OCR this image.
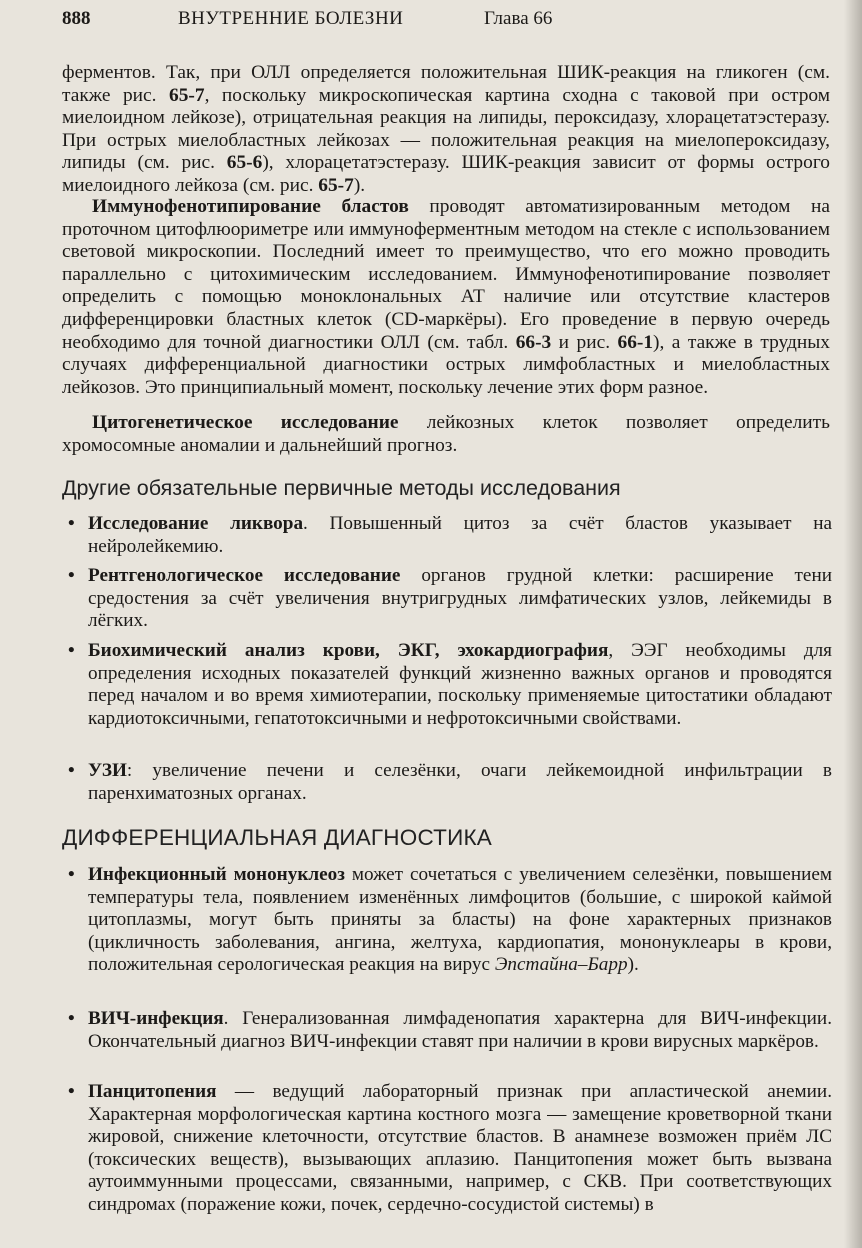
888	ВНУТРЕННИЕ БОЛЕЗНИ	Глава 66

ферментов. Так, при ОЛЛ определяется положительная ШИК-реакция на гликоген (см. также рис. 65-7, поскольку микроскопическая картина сходна с таковой при остром миелоидном лейкозе), отрицательная реакция на липиды, пероксидазу, хлорацетатэстеразу. При острых миелобластных лейкозах — положительная реакция на миелопероксидазу, липиды (см. рис. 65-6), хлорацетатэстеразу. ШИК-реакция зависит от формы острого миелоидного лейкоза (см. рис. 65-7).

Иммунофенотипирование бластов проводят автоматизированным методом на проточном цитофлюориметре или иммуноферментным методом на стекле с использованием световой микроскопии. Последний имеет то преимущество, что его можно проводить параллельно с цитохимическим исследованием. Иммунофенотипирование позволяет определить с помощью моноклональных АТ наличие или отсутствие кластеров дифференцировки бластных клеток (CD-маркёры). Его проведение в первую очередь необходимо для точной диагностики ОЛЛ (см. табл. 66-3 и рис. 66-1), а также в трудных случаях дифференциальной диагностики острых лимфобластных и миелобластных лейкозов. Это принципиальный момент, поскольку лечение этих форм разное.

Цитогенетическое исследование лейкозных клеток позволяет определить хромосомные аномалии и дальнейший прогноз.

Другие обязательные первичные методы исследования
• Исследование ликвора. Повышенный цитоз за счёт бластов указывает на нейролейкемию.

• Рентгенологическое исследование органов грудной клетки: расширение тени средостения за счёт увеличения внутригрудных лимфатических узлов, лейкемиды в лёгких.

• Биохимический анализ крови, ЭКГ, эхокардиография, ЭЭГ необходимы для определения исходных показателей функций жизненно важных органов и проводятся перед началом и во время химиотерапии, поскольку применяемые цитостатики обладают кардиотоксичными, гепатотоксичными и нефротоксичными свойствами.

• УЗИ: увеличение печени и селезёнки, очаги лейкемоидной инфильтрации в паренхиматозных органах.

ДИФФЕРЕНЦИАЛЬНАЯ ДИАГНОСТИКА
• Инфекционный мононуклеоз может сочетаться с увеличением селезёнки, повышением температуры тела, появлением изменённых лимфоцитов (большие, с широкой каймой цитоплазмы, могут быть приняты за бласты) на фоне характерных признаков (цикличность заболевания, ангина, желтуха, кардиопатия, мононуклеары в крови, положительная серологическая реакция на вирус Эпстайна–Барр).

• ВИЧ-инфекция. Генерализованная лимфаденопатия характерна для ВИЧ-инфекции. Окончательный диагноз ВИЧ-инфекции ставят при наличии в крови вирусных маркёров.

• Панцитопения — ведущий лабораторный признак при апластической анемии. Характерная морфологическая картина костного мозга — замещение кроветворной ткани жировой, снижение клеточности, отсутствие бластов. В анамнезе возможен приём ЛС (токсических веществ), вызывающих аплазию. Панцитопения может быть вызвана аутоиммунными процессами, связанными, например, с СКВ. При соответствующих синдромах (поражение кожи, почек, сердечно-сосудистой системы) в
